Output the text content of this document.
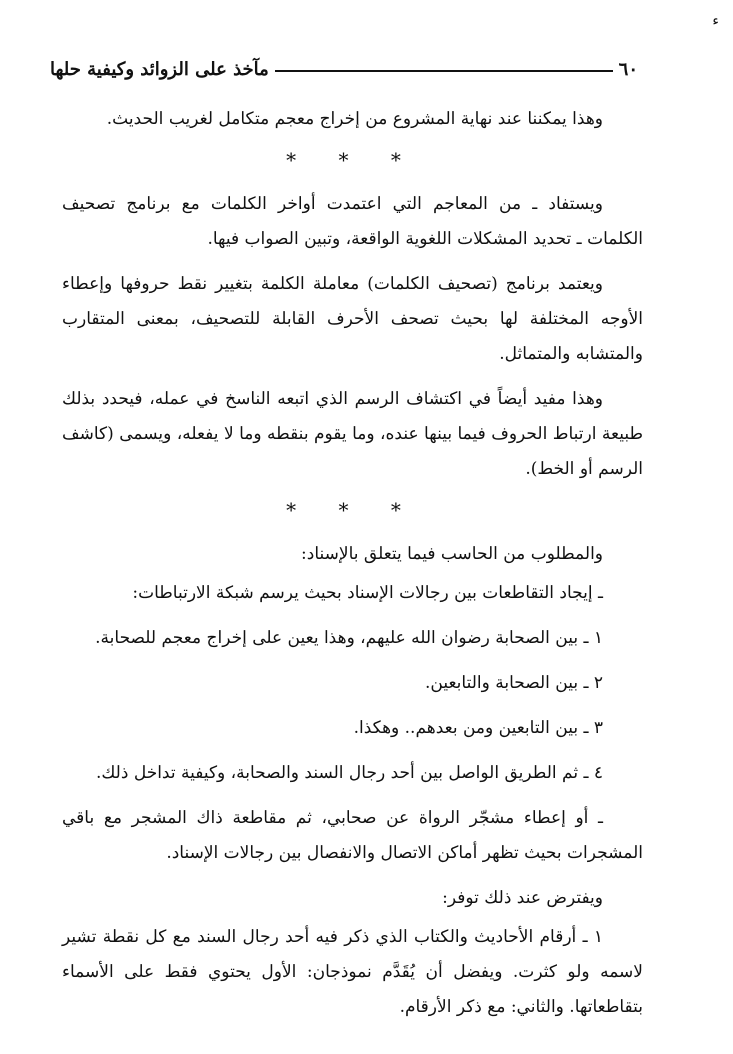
ﺀ
٦٠
مآخذ على الزوائد وكيفية حلها

وهذا يمكننا عند نهاية المشروع من إخراج معجم متكامل لغريب الحديث.

* * *

ويستفاد ـ من المعاجم التي اعتمدت أواخر الكلمات مع برنامج تصحيف الكلمات ـ تحديد المشكلات اللغوية الواقعة، وتبين الصواب فيها.

ويعتمد برنامج (تصحيف الكلمات) معاملة الكلمة بتغيير نقط حروفها وإعطاء الأوجه المختلفة لها بحيث تصحف الأحرف القابلة للتصحيف، بمعنى المتقارب والمتشابه والمتماثل.

وهذا مفيد أيضاً في اكتشاف الرسم الذي اتبعه الناسخ في عمله، فيحدد بذلك طبيعة ارتباط الحروف فيما بينها عنده، وما يقوم بنقطه وما لا يفعله، ويسمى (كاشف الرسم أو الخط).

* * *

والمطلوب من الحاسب فيما يتعلق بالإسناد:

ـ إيجاد التقاطعات بين رجالات الإسناد بحيث يرسم شبكة الارتباطات:

١ ـ بين الصحابة رضوان الله عليهم، وهذا يعين على إخراج معجم للصحابة.

٢ ـ بين الصحابة والتابعين.

٣ ـ بين التابعين ومن بعدهم.. وهكذا.

٤ ـ ثم الطريق الواصل بين أحد رجال السند والصحابة، وكيفية تداخل ذلك.

ـ أو إعطاء مشجّر الرواة عن صحابي، ثم مقاطعة ذاك المشجر مع باقي المشجرات بحيث تظهر أماكن الاتصال والانفصال بين رجالات الإسناد.

ويفترض عند ذلك توفر:

١ ـ أرقام الأحاديث والكتاب الذي ذكر فيه أحد رجال السند مع كل نقطة تشير لاسمه ولو كثرت. ويفضل أن يُقَدَّم نموذجان: الأول يحتوي فقط على الأسماء بتقاطعاتها. والثاني: مع ذكر الأرقام.
